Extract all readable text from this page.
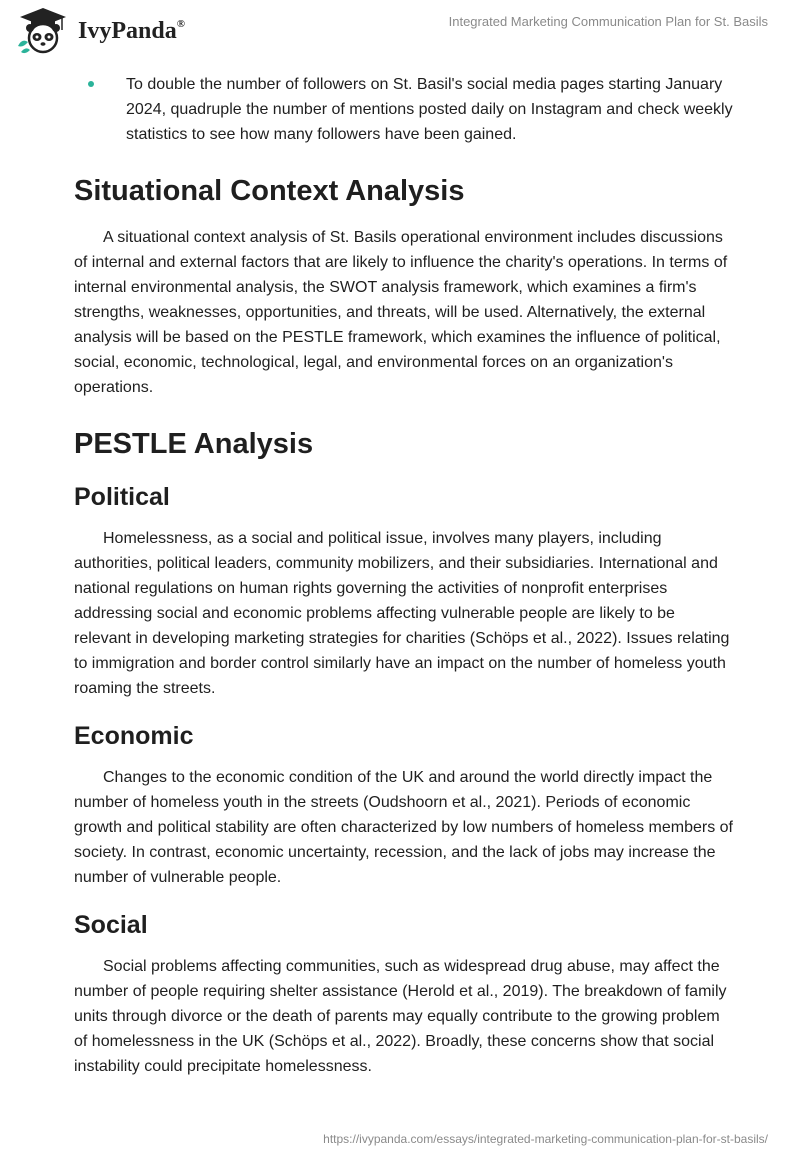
IvyPanda®	Integrated Marketing Communication Plan for St. Basils
To double the number of followers on St. Basil's social media pages starting January 2024, quadruple the number of mentions posted daily on Instagram and check weekly statistics to see how many followers have been gained.
Situational Context Analysis

A situational context analysis of St. Basils operational environment includes discussions of internal and external factors that are likely to influence the charity's operations. In terms of internal environmental analysis, the SWOT analysis framework, which examines a firm's strengths, weaknesses, opportunities, and threats, will be used. Alternatively, the external analysis will be based on the PESTLE framework, which examines the influence of political, social, economic, technological, legal, and environmental forces on an organization's operations.

PESTLE Analysis
Political

Homelessness, as a social and political issue, involves many players, including authorities, political leaders, community mobilizers, and their subsidiaries. International and national regulations on human rights governing the activities of nonprofit enterprises addressing social and economic problems affecting vulnerable people are likely to be relevant in developing marketing strategies for charities (Schöps et al., 2022). Issues relating to immigration and border control similarly have an impact on the number of homeless youth roaming the streets.

Economic

Changes to the economic condition of the UK and around the world directly impact the number of homeless youth in the streets (Oudshoorn et al., 2021). Periods of economic growth and political stability are often characterized by low numbers of homeless members of society. In contrast, economic uncertainty, recession, and the lack of jobs may increase the number of vulnerable people.

Social

Social problems affecting communities, such as widespread drug abuse, may affect the number of people requiring shelter assistance (Herold et al., 2019). The breakdown of family units through divorce or the death of parents may equally contribute to the growing problem of homelessness in the UK (Schöps et al., 2022). Broadly, these concerns show that social instability could precipitate homelessness.

https://ivypanda.com/essays/integrated-marketing-communication-plan-for-st-basils/
